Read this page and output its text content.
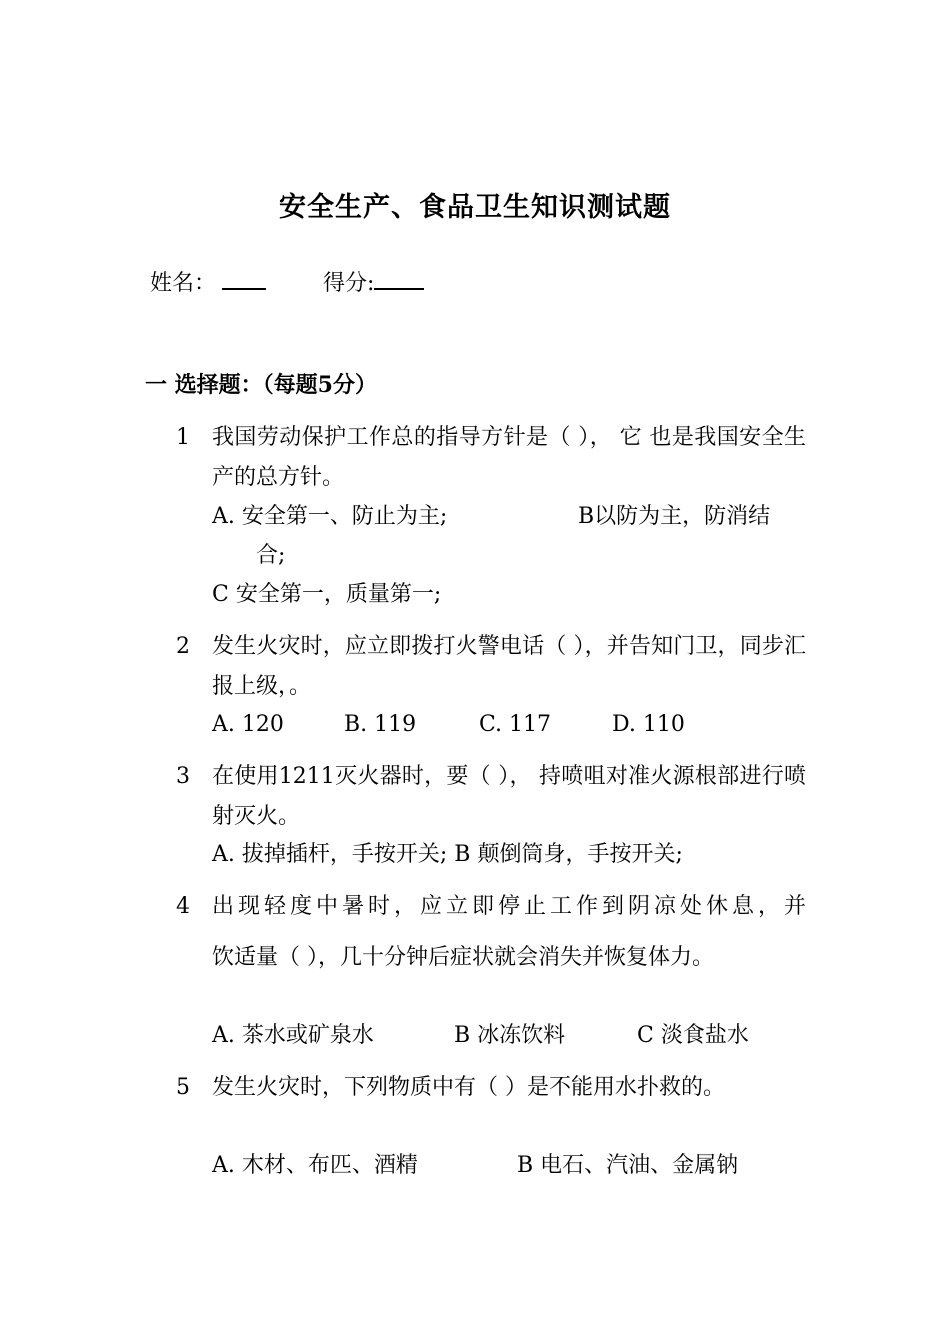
安全生产、食品卫生知识测试题
姓名：	得分:
一 选择题：（每题5分）
1 我国劳动保护工作总的指导方针是（ ）， 它 也是我国安全生产的总方针。
A. 安全第一、防止为主;	B以防为主，防消结
合;
C 安全第一，质量第一;
2 发生火灾时，应立即拨打火警电话（ ），并告知门卫，同步汇报上级，。
A. 120	B. 119	C. 117	D. 110
3 在使用1211灭火器时，要（ ）， 持喷咀对准火源根部进行喷射灭火。
A. 拔掉插杆，手按开关; B 颠倒筒身，手按开关;
4 出现轻度中暑时，应立即停止工作到阴凉处休息，并
饮适量（ ），几十分钟后症状就会消失并恢复体力。
A. 茶水或矿泉水	B 冰冻饮料	C 淡食盐水
5 发生火灾时，下列物质中有（ ）是不能用水扑救的。
A. 木材、布匹、酒精	B 电石、汽油、金属钠
